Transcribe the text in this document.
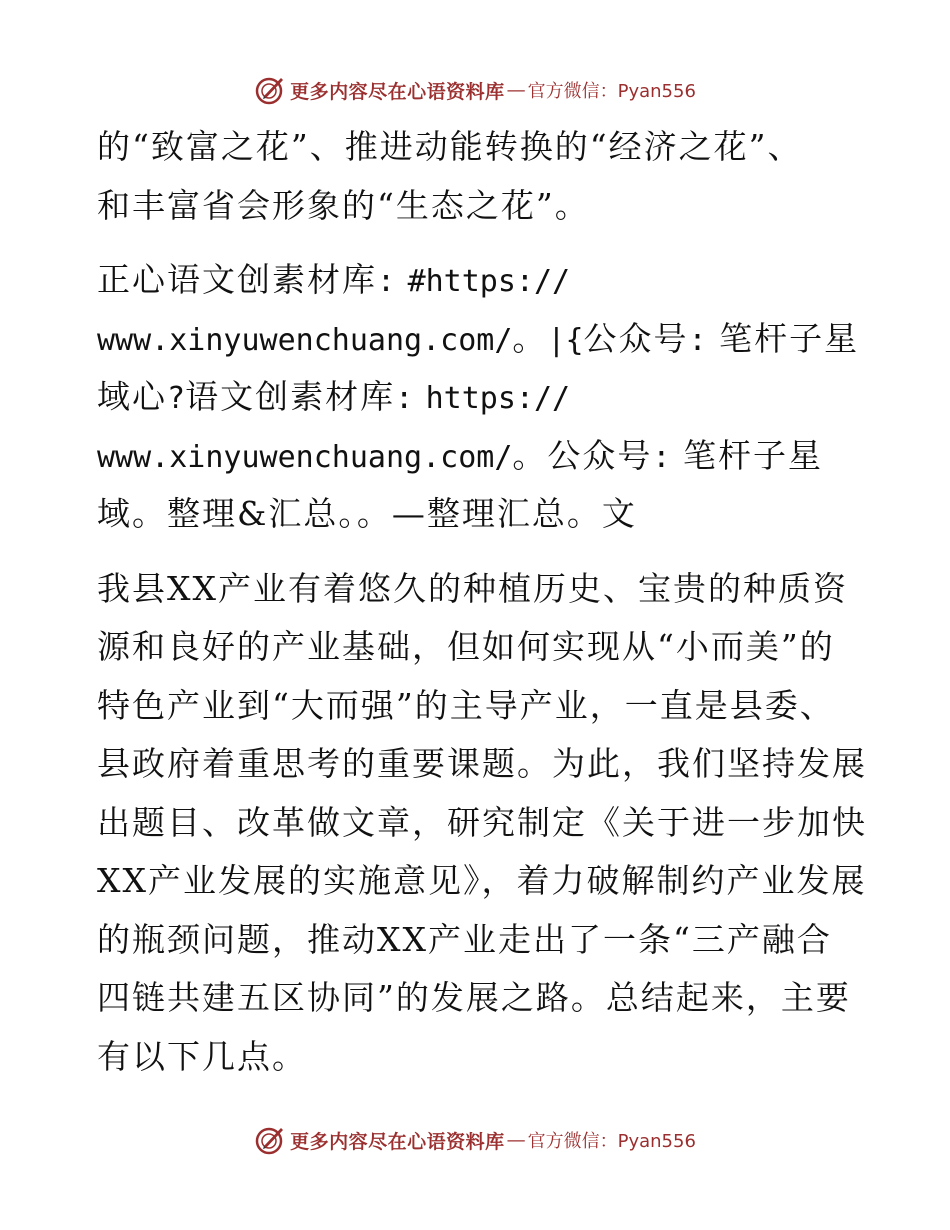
更多内容尽在心语资料库 — 官方微信：Pyan556
的“致富之花”、推进动能转换的“经济之花”、
和丰富省会形象的“生态之花”。
正心语文创素材库: #https://
www.xinyuwenchuang.com/。|{公众号: 笔杆子星
域心?语文创素材库: https://
www.xinyuwenchuang.com/。公众号: 笔杆子星
域。整理&汇总。。—整理汇总。文
我县XX产业有着悠久的种植历史、宝贵的种质资
源和良好的产业基础，但如何实现从“小而美”的
特色产业到“大而强”的主导产业，一直是县委、
县政府着重思考的重要课题。为此，我们坚持发展
出题目、改革做文章，研究制定《关于进一步加快
XX产业发展的实施意见》，着力破解制约产业发展
的瓶颈问题，推动XX产业走出了一条“三产融合
四链共建五区协同”的发展之路。总结起来，主要
有以下几点。
更多内容尽在心语资料库 — 官方微信：Pyan556
